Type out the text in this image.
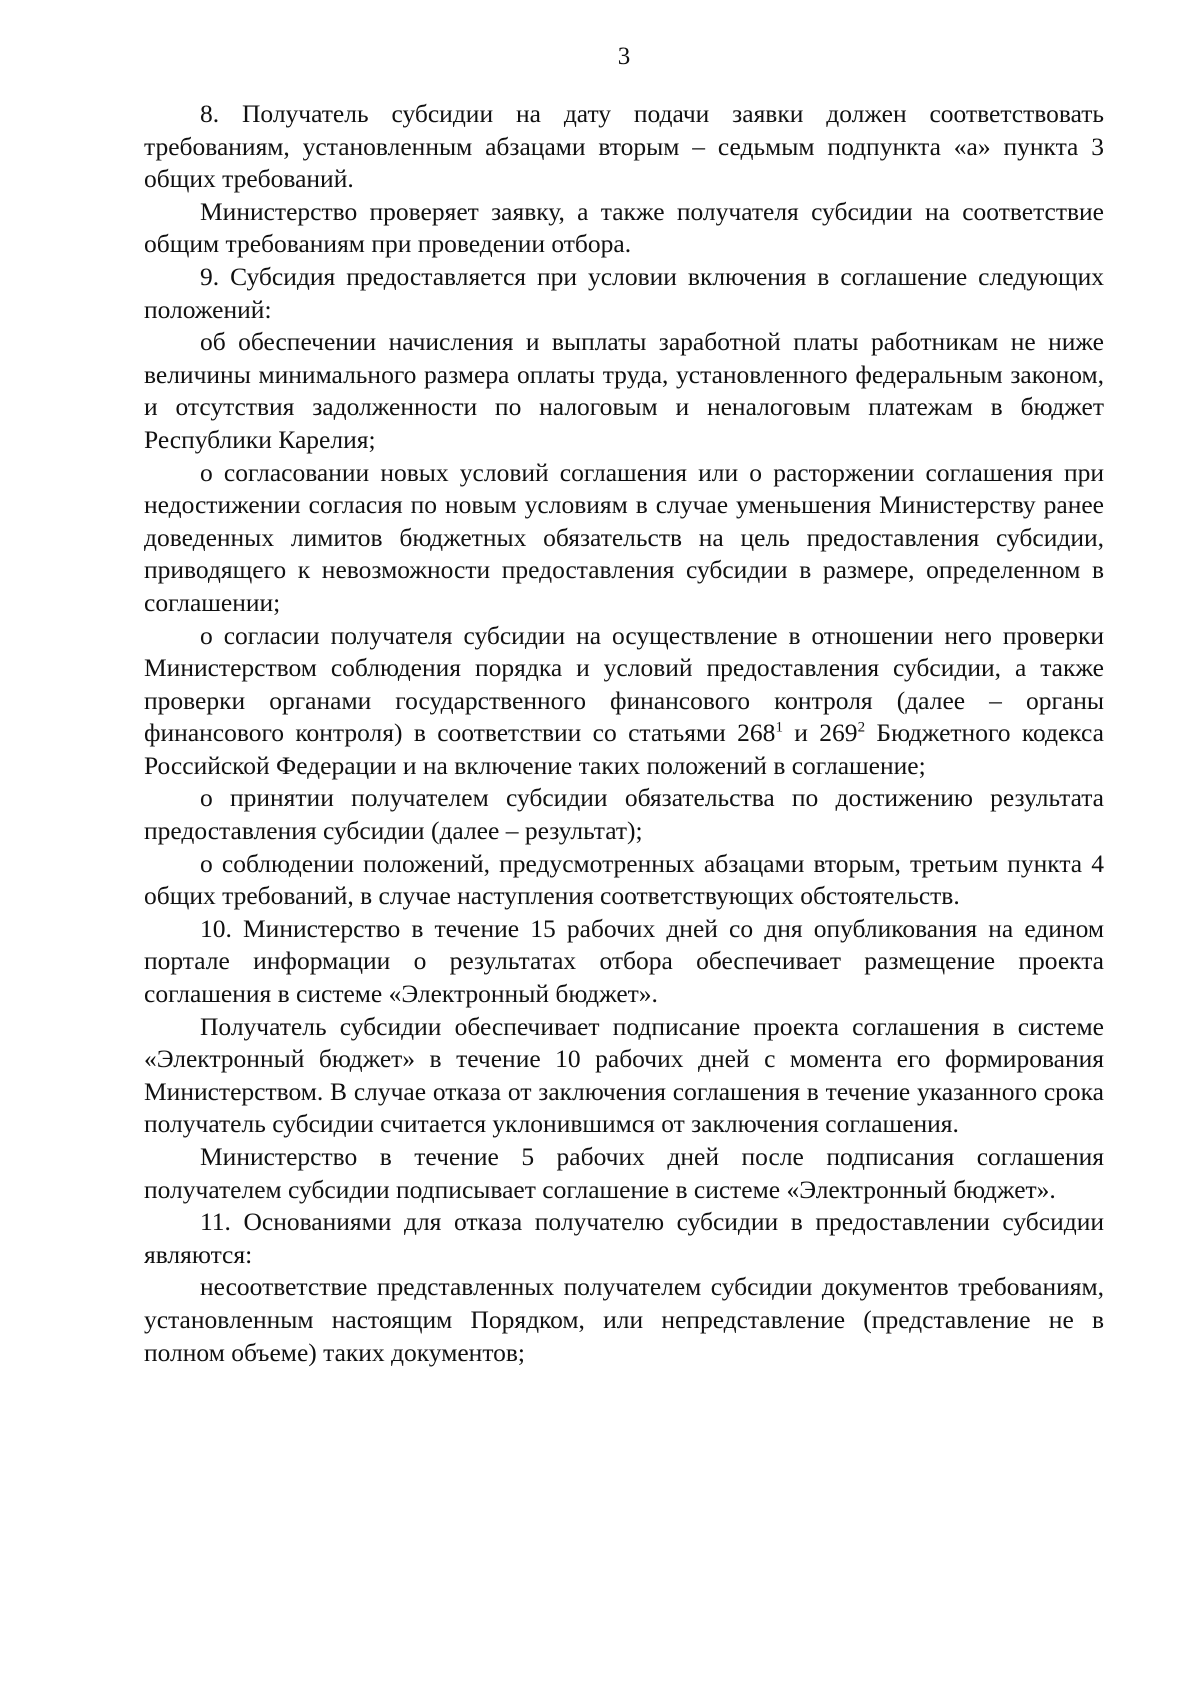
3

8. Получатель субсидии на дату подачи заявки должен соответствовать требованиям, установленным абзацами вторым – седьмым подпункта «а» пункта 3 общих требований.

Министерство проверяет заявку, а также получателя субсидии на соответствие общим требованиям при проведении отбора.

9. Субсидия предоставляется при условии включения в соглашение следующих положений:

об обеспечении начисления и выплаты заработной платы работникам не ниже величины минимального размера оплаты труда, установленного федеральным законом, и отсутствия задолженности по налоговым и неналоговым платежам в бюджет Республики Карелия;

о согласовании новых условий соглашения или о расторжении соглашения при недостижении согласия по новым условиям в случае уменьшения Министерству ранее доведенных лимитов бюджетных обязательств на цель предоставления субсидии, приводящего к невозможности предоставления субсидии в размере, определенном в соглашении;

о согласии получателя субсидии на осуществление в отношении него проверки Министерством соблюдения порядка и условий предоставления субсидии, а также проверки органами государственного финансового контроля (далее – органы финансового контроля) в соответствии со статьями $268^1$ и $269^2$ Бюджетного кодекса Российской Федерации и на включение таких положений в соглашение;

о принятии получателем субсидии обязательства по достижению результата предоставления субсидии (далее – результат);

о соблюдении положений, предусмотренных абзацами вторым, третьим пункта 4 общих требований, в случае наступления соответствующих обстоятельств.

10. Министерство в течение 15 рабочих дней со дня опубликования на едином портале информации о результатах отбора обеспечивает размещение проекта соглашения в системе «Электронный бюджет».

Получатель субсидии обеспечивает подписание проекта соглашения в системе «Электронный бюджет» в течение 10 рабочих дней с момента его формирования Министерством. В случае отказа от заключения соглашения в течение указанного срока получатель субсидии считается уклонившимся от заключения соглашения.

Министерство в течение 5 рабочих дней после подписания соглашения получателем субсидии подписывает соглашение в системе «Электронный бюджет».

11. Основаниями для отказа получателю субсидии в предоставлении субсидии являются:

несоответствие представленных получателем субсидии документов требованиям, установленным настоящим Порядком, или непредставление (представление не в полном объеме) таких документов;
